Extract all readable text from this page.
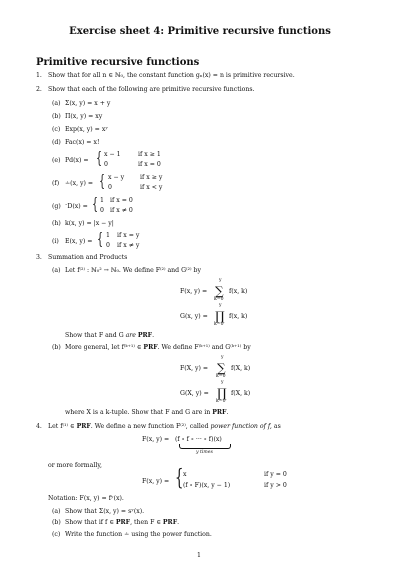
Exercise sheet 4: Primitive recursive functions
Primitive recursive functions
1. Show that for all n ∈ ℕ₀, the constant function gₙ(x) = n is primitive recursive.
2. Show that each of the following are primitive recursive functions.
(a) Σ(x, y) = x + y
(b) Π(x, y) = xy
(c) Exp(x, y) = xʸ
(d) Fac(x) = x!
(e) Pd(x) = { x − 1	if x ≥ 1
0	if x = 0
(f) ∸(x, y) = { x − y	if x ≥ y
0	if x < y
(g) ᐨD(x) = { 1 if x = 0
0 if x ≠ 0
(h) k(x, y) = |x − y|
(i) E(x, y) = { 1 if x = y
0 if x ≠ y
3. Summation and Products
(a) Let f⁽²⁾ : ℕ₀² → ℕ₀. We define F⁽²⁾ and G⁽²⁾ by
F(x, y) =
y
∑
k=0
f(x, k)
G(x, y) =
y
∏
k=0
f(x, k)
Show that F and G are PRF.
(b) More general, let f⁽ᵏ⁺¹⁾ ∈ PRF. We define F⁽ᵏ⁺¹⁾ and G⁽ᵏ⁺¹⁾ by
F(X, y) =
y
∑
k=0
f(X, k)
G(X, y) =
y
∏
k=0
f(X, k)
where X is a k-tuple. Show that F and G are in PRF.
4. Let f⁽¹⁾ ∈ PRF. We define a new function F⁽²⁾, called power function of f, as
F(x, y) = (f ∘ f ∘ ··· ∘ f)(x)
y times
or more formally,
F(x, y) = { x	if y = 0
(f ∘ F)(x, y − 1)	if y > 0
Notation: F(x, y) = fʸ(x).
(a) Show that Σ(x, y) = sʸ(x).
(b) Show that if f ∈ PRF, then F ∈ PRF.
(c) Write the function ∸ using the power function.
1
